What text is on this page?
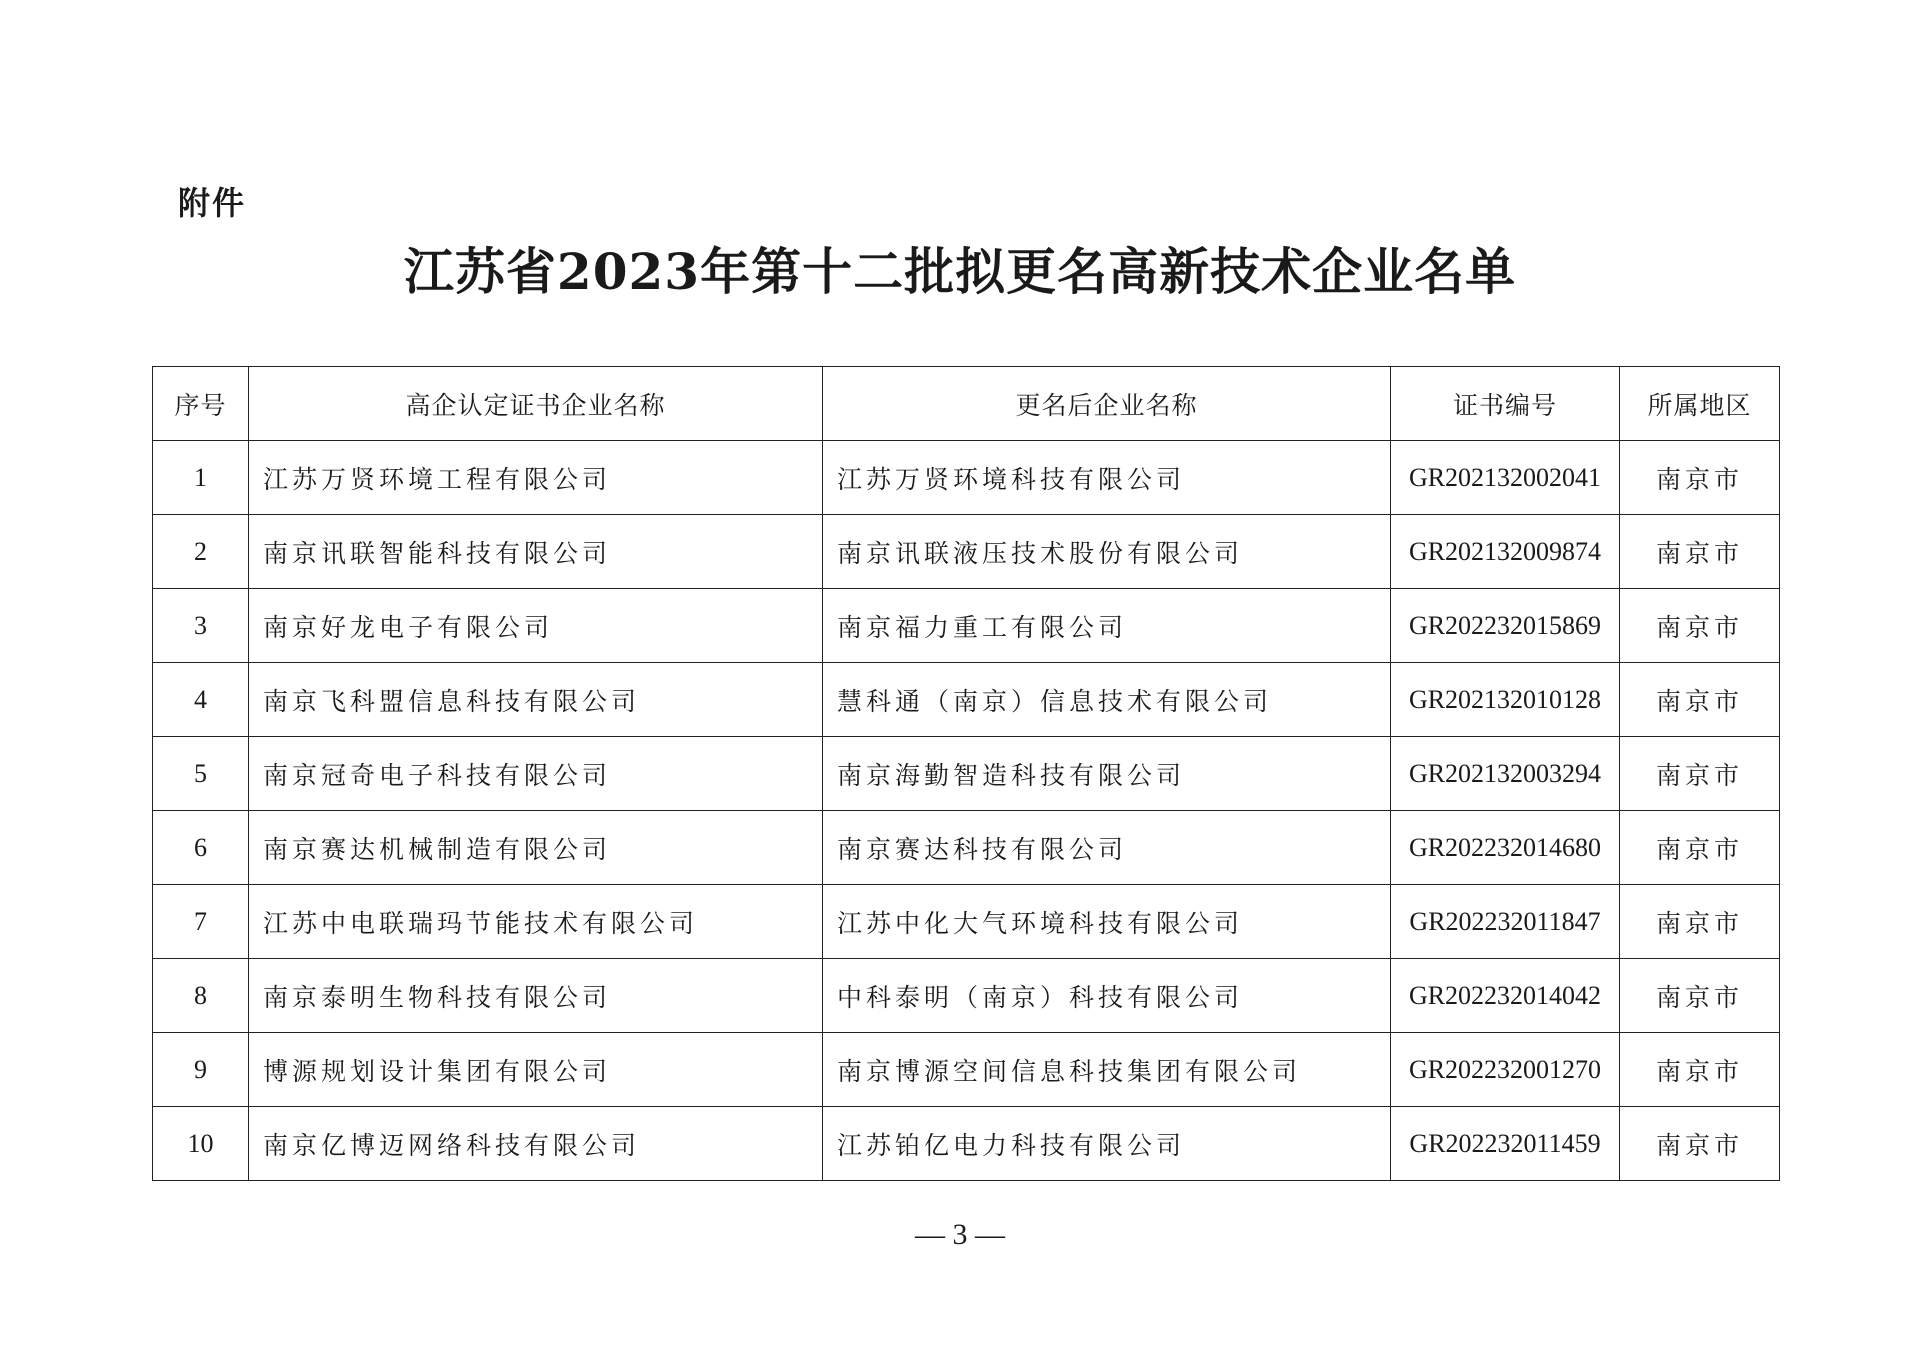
附件
江苏省2023年第十二批拟更名高新技术企业名单
序号	高企认定证书企业名称	更名后企业名称	证书编号	所属地区
1	江苏万贤环境工程有限公司	江苏万贤环境科技有限公司	GR202132002041	南京市
2	南京讯联智能科技有限公司	南京讯联液压技术股份有限公司	GR202132009874	南京市
3	南京好龙电子有限公司	南京福力重工有限公司	GR202232015869	南京市
4	南京飞科盟信息科技有限公司	慧科通（南京）信息技术有限公司	GR202132010128	南京市
5	南京冠奇电子科技有限公司	南京海勤智造科技有限公司	GR202132003294	南京市
6	南京赛达机械制造有限公司	南京赛达科技有限公司	GR202232014680	南京市
7	江苏中电联瑞玛节能技术有限公司	江苏中化大气环境科技有限公司	GR202232011847	南京市
8	南京泰明生物科技有限公司	中科泰明（南京）科技有限公司	GR202232014042	南京市
9	博源规划设计集团有限公司	南京博源空间信息科技集团有限公司	GR202232001270	南京市
10	南京亿博迈网络科技有限公司	江苏铂亿电力科技有限公司	GR202232011459	南京市
— 3 —
